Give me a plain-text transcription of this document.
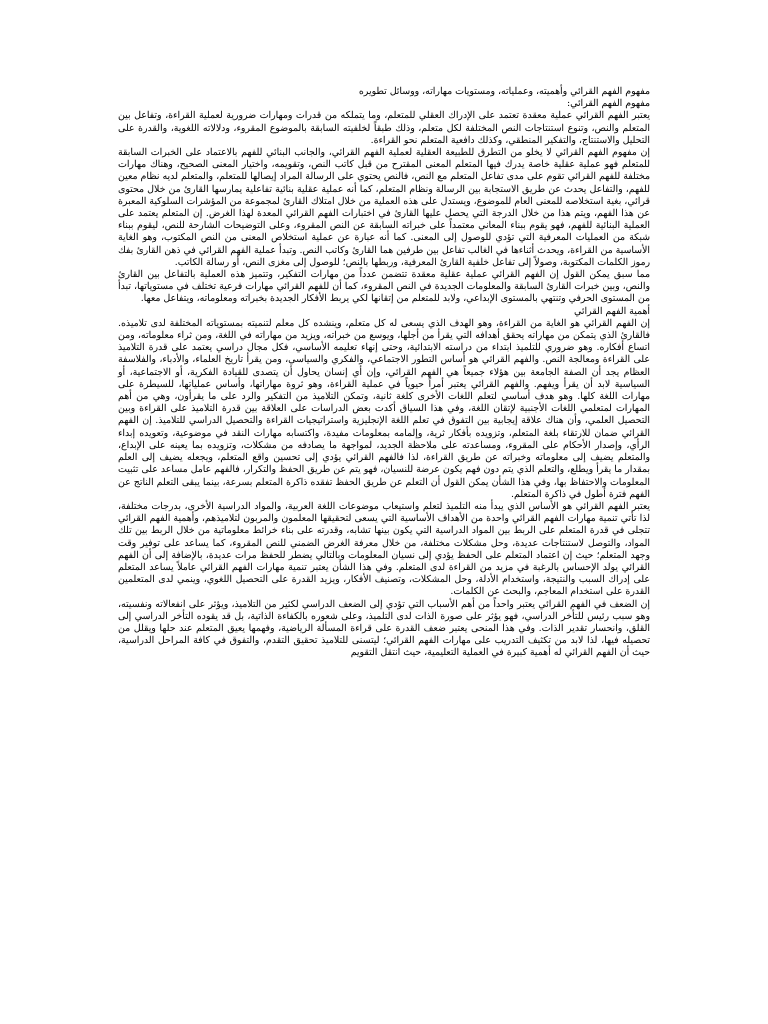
مفهوم الفهم القرائي وأهميته، وعملياته، ومستويات مهاراته، ووسائل تطويره
مفهوم الفهم القرائي:

يعتبر الفهم القرائي عملية معقدة تعتمد على الإدراك العقلي للمتعلم، وما يتملكه من قدرات ومهارات ضرورية لعملية القراءة، وتفاعل بين المتعلم والنص، وتنوع استنتاجات النص المختلفة لكل متعلم، وذلك طبقاً لخلفيته السابقة بالموضوع المقروء، ودلالاته اللغوية، والقدرة على التحليل والاستنتاج، والتفكير المنطقي، وكذلك دافعية المتعلم نحو القراءة.

إن مفهوم الفهم القرائي لا يخلو من التطرق للطبيعة العقلية لعملية الفهم القرائي، والجانب البنائي للفهم بالاعتماد على الخبرات السابقة للمتعلم فهو عملية عقلية خاصة يدرك فيها المتعلم المعنى المقترح من قبل كاتب النص، وتقويمه، واختيار المعنى الصحيح، وهناك مهارات مختلفة للفهم القرائي تقوم على مدى تفاعل المتعلم مع النص، فالنص يحتوي على الرسالة المراد إيصالها للمتعلم، والمتعلم لديه نظام معين للفهم، والتفاعل يحدث عن طريق الاستجابة بين الرسالة ونظام المتعلم، كما أنه عملية عقلية بنائية تفاعلية يمارسها القارئ من خلال محتوى قرائي، بغية استخلاصه للمعنى العام للموضوع، ويستدل على هذه العملية من خلال امتلاك القارئ لمجموعة من المؤشرات السلوكية المعبرة عن هذا الفهم، ويتم هذا من خلال الدرجة التي يحصل عليها القارئ في اختبارات الفهم القرائي المعدة لهذا الغرض. إن المتعلم يعتمد على العملية البنائية للفهم، فهو يقوم ببناء المعاني معتمداً على خبراته السابقة عن النص المقروء، وعلى التوضيحات الشارحة للنص، ليقوم ببناء شبكة من العمليات المعرفية التي تؤدي للوصول إلى المعنى. كما أنه عبارة عن عملية استخلاص المعنى من النص المكتوب، وهو الغاية الأساسية من القراءة، ويحدث أثناءها في الغالب تفاعل بين طرفين هما القارئ وكاتب النص. وتبدأ عملية الفهم القرائي في ذهن القارئ بفك رموز الكلمات المكتوبة، وصولاً إلى تفاعل خلفية القارئ المعرفية، وربطها بالنص؛ للوصول إلى مغزى النص، أو رسالة الكاتب.

مما سبق يمكن القول إن الفهم القرائي عملية عقلية معقدة تتضمن عدداً من مهارات التفكير، وتتميز هذه العملية بالتفاعل بين القارئ والنص، وبين خبرات القارئ السابقة والمعلومات الجديدة في النص المقروء، كما أن للفهم القرائي مهارات فرعية تختلف في مستوياتها، تبدأ من المستوى الحرفي وتنتهي بالمستوى الإبداعي، ولابد للمتعلم من إتقانها لكي يربط الأفكار الجديدة بخبراته ومعلوماته، ويتفاعل معها.

أهمية الفهم القرائي

إن الفهم القرائي هو الغاية من القراءة، وهو الهدف الذي يسعى له كل متعلم، وينشده كل معلم لتنميته بمستوياته المختلفة لدى تلاميذه. فالقارئ الذي يتمكن من مهاراته يحقق أهدافه التي يقرأ من أجلها، ويوسع من خبراته، ويزيد من مهاراته في اللغة، ومن ثراء معلوماته، ومن اتساع أفكاره. وهو ضروري للتلميذ ابتداء من دراسته الابتدائية، وحتى إنهاء تعليمه الأساسي، فكل مجال دراسي يعتمد على قدرة التلاميذ على القراءة ومعالجة النص. والفهم القرائي هو أساس التطور الاجتماعي، والفكري والسياسي، ومن يقرأ تاريخ العلماء، والأدباء، والفلاسفة العظام يجد أن الصفة الجامعة بين هؤلاء جميعاً هي الفهم القرائي، وإن أي إنسان يحاول أن يتصدى للقيادة الفكرية، أو الاجتماعية، أو السياسية لابد أن يقرأ ويفهم. والفهم القرائي يعتبر أمراً حيوياً في عملية القراءة، وهو ثروة مهاراتها، وأساس عملياتها، للسيطرة على مهارات اللغة كلها. وهو هدف أساسي لتعلم اللغات الأخرى كلغة ثانية، وتمكن التلاميذ من التفكير والرد على ما يقرأون، وهي من أهم المهارات لمتعلمي اللغات الأجنبية لإتقان اللغة، وفي هذا السياق أكدت بعض الدراسات على العلاقة بين قدرة التلاميذ على القراءة وبين التحصيل العلمي، وأن هناك علاقة إيجابية بين التفوق في تعلم اللغة الإنجليزية واستراتيجيات القراءة والتحصيل الدراسي للتلاميذ. إن الفهم القرائي ضمان للارتقاء بلغة المتعلم، وتزويده بأفكار ثرية، وإلمامه بمعلومات مفيدة، واكتسابه مهارات النقد في موضوعية، وتعويده إبداء الرأي، وإصدار الأحكام على المقروء، ومساعدته على ملاحظة الجديد، لمواجهة ما يصادفه من مشكلات، وتزويده بما يعينه على الإبداع، والمتعلم يضيف إلى معلوماته وخبراته عن طريق القراءة، لذا فالفهم القرائي يؤدي إلى تحسين واقع المتعلم، ويجعله يضيف إلى العلم بمقدار ما يقرأ ويطلع، والتعلم الذي يتم دون فهم يكون عرضة للنسيان، فهو يتم عن طريق الحفظ والتكرار، فالفهم عامل مساعد على تثبيت المعلومات والاحتفاظ بها، وفي هذا الشأن يمكن القول أن التعلم عن طريق الحفظ تفقده ذاكرة المتعلم بسرعة، بينما يبقى التعلم الناتج عن الفهم فترة أطول في ذاكرة المتعلم.

يعتبر الفهم القرائي هو الأساس الذي يبدأ منه التلميذ لتعلم واستيعاب موضوعات اللغة العربية، والمواد الدراسية الأخرى، بدرجات مختلفة، لذا تأتي تنمية مهارات الفهم القرائي واحدة من الأهداف الأساسية التي يسعى لتحقيقها المعلمون والمربون لتلاميذهم، وأهمية الفهم القرائي تتجلى في قدرة المتعلم على الربط بين المواد الدراسية التي يكون بينها تشابه، وقدرته على بناء خرائط معلوماتية من خلال الربط بين تلك المواد، والتوصل لاستنتاجات عديدة، وحل مشكلات مختلفة، من خلال معرفة الغرض الضمني للنص المقروء، كما يساعد على توفير وقت وجهد المتعلم؛ حيث إن اعتماد المتعلم على الحفظ يؤدي إلى نسيان المعلومات وبالتالي يضطر للحفظ مرات عديدة، بالإضافة إلى أن الفهم القرائي يولد الإحساس بالرغبة في مزيد من القراءة لدى المتعلم. وفي هذا الشأن يعتبر تنمية مهارات الفهم القرائي عاملاً يساعد المتعلم على إدراك السبب والنتيجة، واستخدام الأدلة، وحل المشكلات، وتصنيف الأفكار، ويزيد القدرة على التحصيل اللغوي، وينمي لدى المتعلمين القدرة على استخدام المعاجم، والبحث عن الكلمات.

إن الضعف في الفهم القرائي يعتبر واحداً من أهم الأسباب التي تؤدي إلى الضعف الدراسي لكثير من التلاميذ، ويؤثر على انفعالاته ونفسيته، وهو سبب رئيس للتأخر الدراسي، فهو يؤثر على صورة الذات لدى التلميذ، وعلى شعوره بالكفاءة الذاتية، بل قد يقوده التأخر الدراسي إلى القلق، وانحسار تقدير الذات. وفي هذا المنحى يعتبر ضعف القدرة على قراءة المسألة الرياضية، وفهمها يعيق المتعلم عند حلها ويقلل من تحصيله فيها، لذا لابد من تكثيف التدريب على مهارات الفهم القرائي؛ ليتسنى للتلاميذ تحقيق التقدم، والتفوق في كافة المراحل الدراسية، حيث أن الفهم القرائي له أهمية كبيرة في العملية التعليمية، حيث انتقل التقويم
